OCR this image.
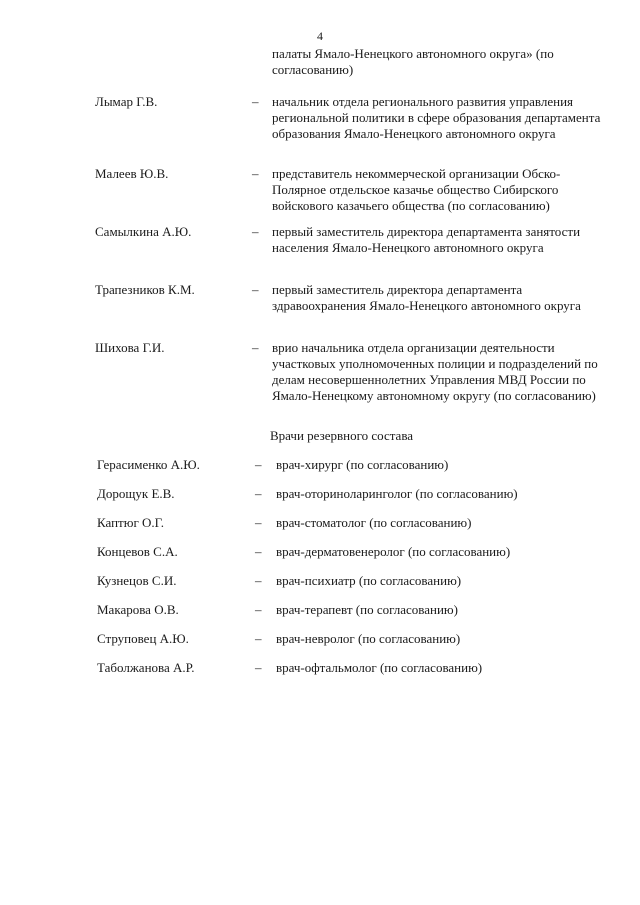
4
палаты Ямало-Ненецкого автономного округа» (по согласованию)
Лымар Г.В.	– начальник отдела регионального развития управления региональной политики в сфере образования департамента образования Ямало-Ненецкого автономного округа
Малеев Ю.В.	– представитель некоммерческой организации Обско-Полярное отдельское казачье общество Сибирского войскового казачьего общества (по согласованию)
Самылкина А.Ю.	– первый заместитель директора департамента занятости населения Ямало-Ненецкого автономного округа
Трапезников К.М.	– первый заместитель директора департамента здравоохранения Ямало-Ненецкого автономного округа
Шихова Г.И.	– врио начальника отдела организации деятельности участковых уполномоченных полиции и подразделений по делам несовершеннолетних Управления МВД России по Ямало-Ненецкому автономному округу (по согласованию)
Врачи резервного состава
Герасименко А.Ю.	– врач-хирург (по согласованию)
Дорощук Е.В.	– врач-оториноларинголог (по согласованию)
Каптюг О.Г.	– врач-стоматолог (по согласованию)
Концевов С.А.	– врач-дерматовенеролог (по согласованию)
Кузнецов С.И.	– врач-психиатр (по согласованию)
Макарова О.В.	– врач-терапевт (по согласованию)
Струповец А.Ю.	– врач-невролог (по согласованию)
Таболжанова А.Р.	– врач-офтальмолог (по согласованию)
